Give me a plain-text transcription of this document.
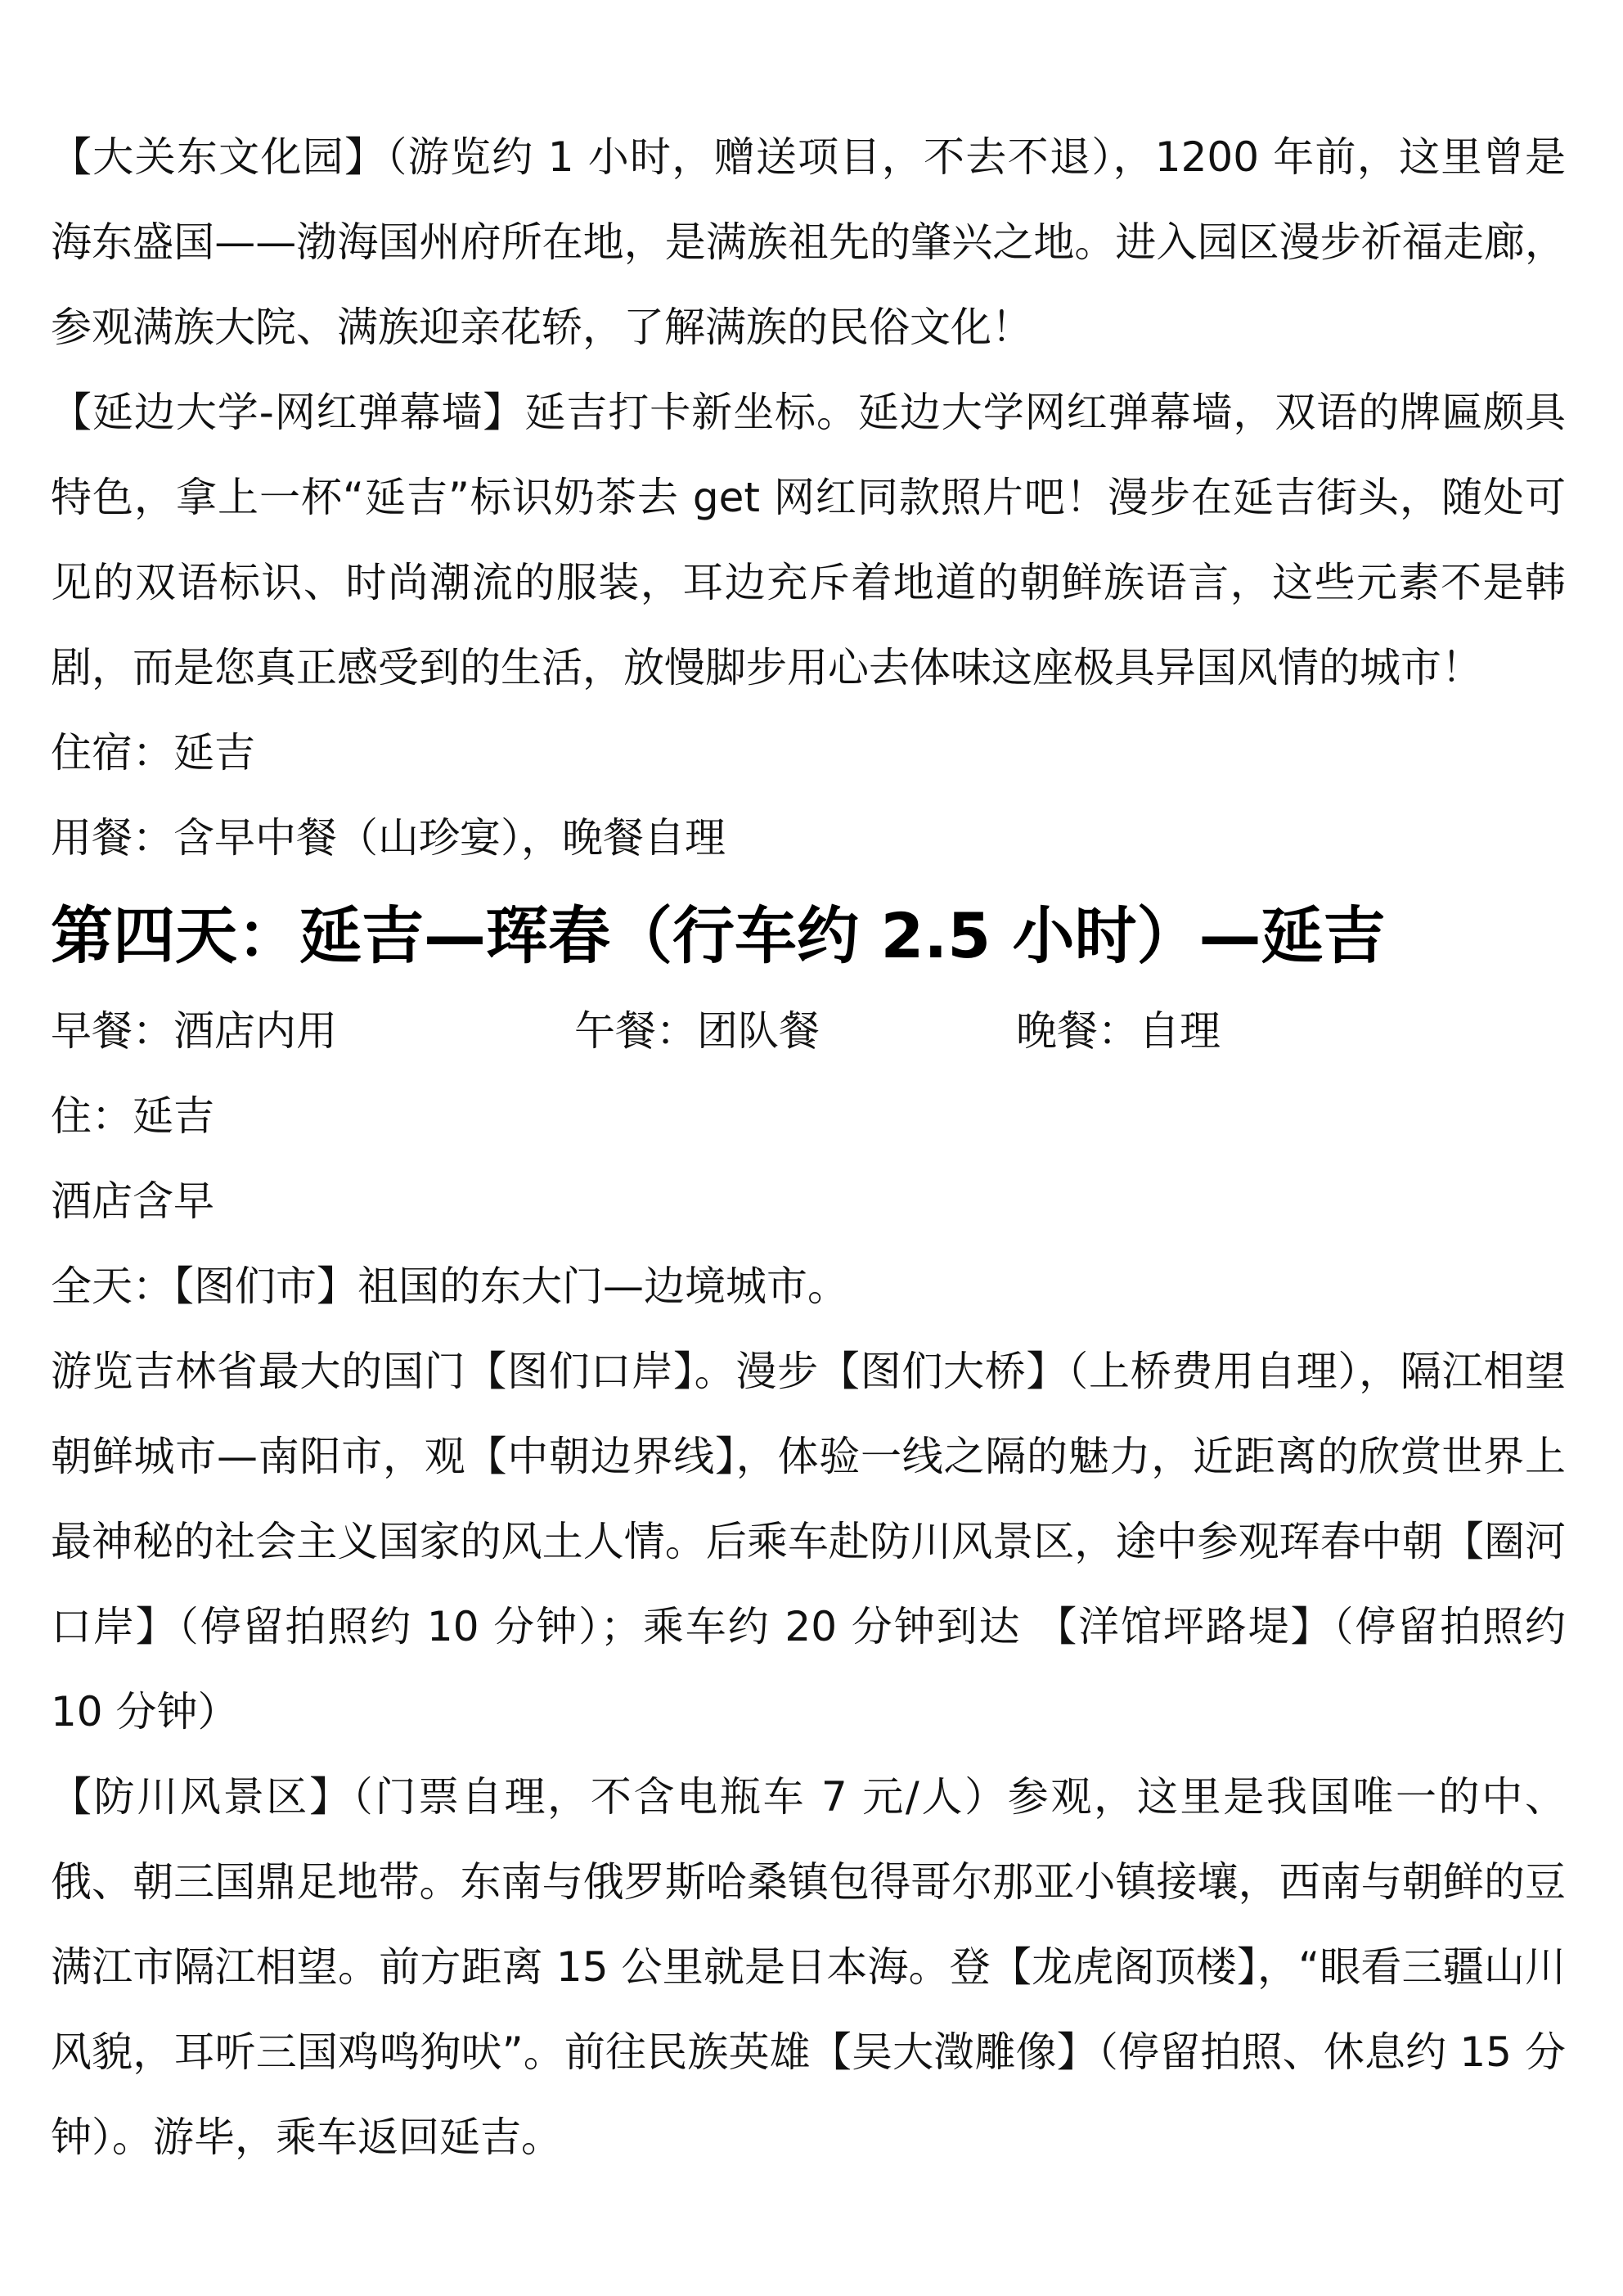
【大关东文化园】（游览约 1 小时，赠送项目，不去不退），1200 年前，这里曾是海东盛国——渤海国州府所在地，是满族祖先的肇兴之地。进入园区漫步祈福走廊，参观满族大院、满族迎亲花轿，了解满族的民俗文化！

【延边大学-网红弹幕墙】延吉打卡新坐标。延边大学网红弹幕墙，双语的牌匾颇具特色，拿上一杯“延吉”标识奶茶去 get 网红同款照片吧！漫步在延吉街头，随处可见的双语标识、时尚潮流的服装，耳边充斥着地道的朝鲜族语言，这些元素不是韩剧，而是您真正感受到的生活，放慢脚步用心去体味这座极具异国风情的城市！

住宿：延吉

用餐：含早中餐（山珍宴），晚餐自理

第四天：延吉—珲春（行车约 2.5 小时）—延吉
早餐：酒店内用	午餐：团队餐	晚餐：自理

住：延吉

酒店含早

全天：【图们市】祖国的东大门—边境城市。

游览吉林省最大的国门【图们口岸】。漫步【图们大桥】（上桥费用自理），隔江相望朝鲜城市—南阳市，观【中朝边界线】，体验一线之隔的魅力，近距离的欣赏世界上最神秘的社会主义国家的风土人情。后乘车赴防川风景区，途中参观珲春中朝【圈河口岸】（停留拍照约 10 分钟）；乘车约 20 分钟到达 【洋馆坪路堤】（停留拍照约 10 分钟）

【防川风景区】（门票自理，不含电瓶车 7 元/人）参观，这里是我国唯一的中、俄、朝三国鼎足地带。东南与俄罗斯哈桑镇包得哥尔那亚小镇接壤，西南与朝鲜的豆满江市隔江相望。前方距离 15 公里就是日本海。登【龙虎阁顶楼】，“眼看三疆山川风貌，耳听三国鸡鸣狗吠”。前往民族英雄【吴大澂雕像】（停留拍照、休息约 15 分钟）。游毕，乘车返回延吉。
